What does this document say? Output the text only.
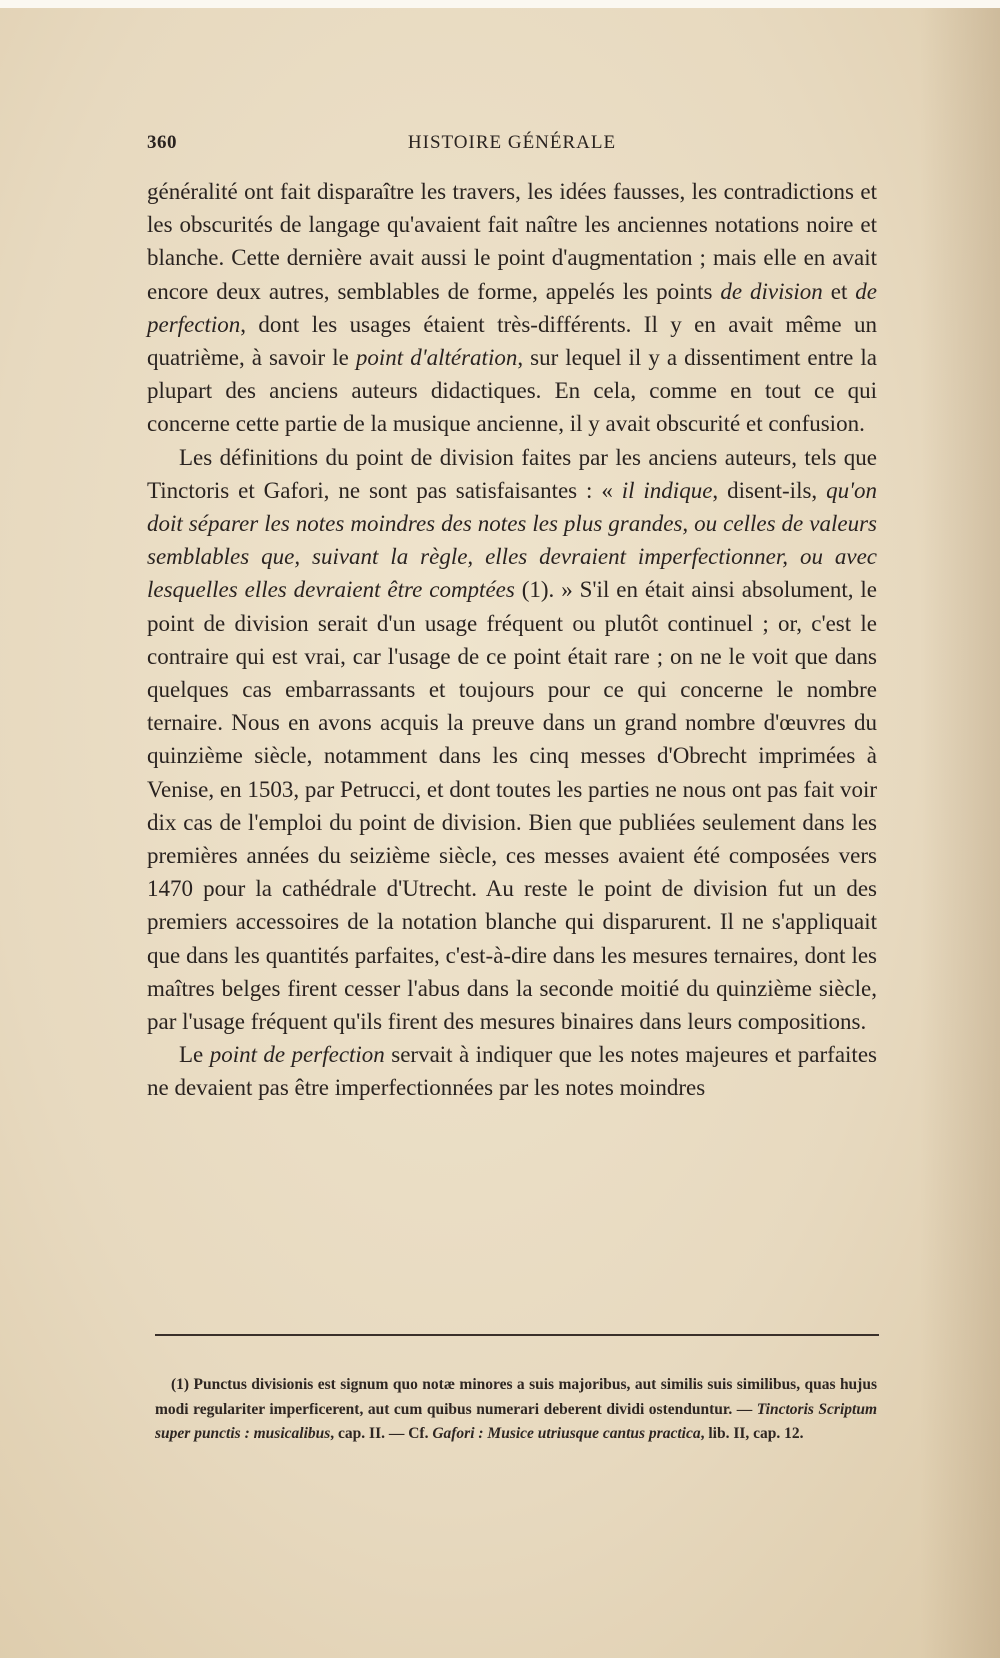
360	HISTOIRE GÉNÉRALE

généralité ont fait disparaître les travers, les idées fausses, les contradictions et les obscurités de langage qu'avaient fait naître les anciennes notations noire et blanche. Cette dernière avait aussi le point d'augmentation ; mais elle en avait encore deux autres, semblables de forme, appelés les points de division et de perfection, dont les usages étaient très-différents. Il y en avait même un quatrième, à savoir le point d'altération, sur lequel il y a dissentiment entre la plupart des anciens auteurs didactiques. En cela, comme en tout ce qui concerne cette partie de la musique ancienne, il y avait obscurité et confusion.

Les définitions du point de division faites par les anciens auteurs, tels que Tinctoris et Gafori, ne sont pas satisfaisantes : « il indique, disent-ils, qu'on doit séparer les notes moindres des notes les plus grandes, ou celles de valeurs semblables que, suivant la règle, elles devraient imperfectionner, ou avec lesquelles elles devraient être comptées (1). » S'il en était ainsi absolument, le point de division serait d'un usage fréquent ou plutôt continuel ; or, c'est le contraire qui est vrai, car l'usage de ce point était rare ; on ne le voit que dans quelques cas embarrassants et toujours pour ce qui concerne le nombre ternaire. Nous en avons acquis la preuve dans un grand nombre d'œuvres du quinzième siècle, notamment dans les cinq messes d'Obrecht imprimées à Venise, en 1503, par Petrucci, et dont toutes les parties ne nous ont pas fait voir dix cas de l'emploi du point de division. Bien que publiées seulement dans les premières années du seizième siècle, ces messes avaient été composées vers 1470 pour la cathédrale d'Utrecht. Au reste le point de division fut un des premiers accessoires de la notation blanche qui disparurent. Il ne s'appliquait que dans les quantités parfaites, c'est-à-dire dans les mesures ternaires, dont les maîtres belges firent cesser l'abus dans la seconde moitié du quinzième siècle, par l'usage fréquent qu'ils firent des mesures binaires dans leurs compositions.

Le point de perfection servait à indiquer que les notes majeures et parfaites ne devaient pas être imperfectionnées par les notes moindres

(1) Punctus divisionis est signum quo notæ minores a suis majoribus, aut similis suis similibus, quas hujus modi regulariter imperficerent, aut cum quibus numerari deberent dividi ostenduntur. — Tinctoris Scriptum super punctis : musicalibus, cap. II. — Cf. Gafori : Musice utriusque cantus practica, lib. II, cap. 12.
